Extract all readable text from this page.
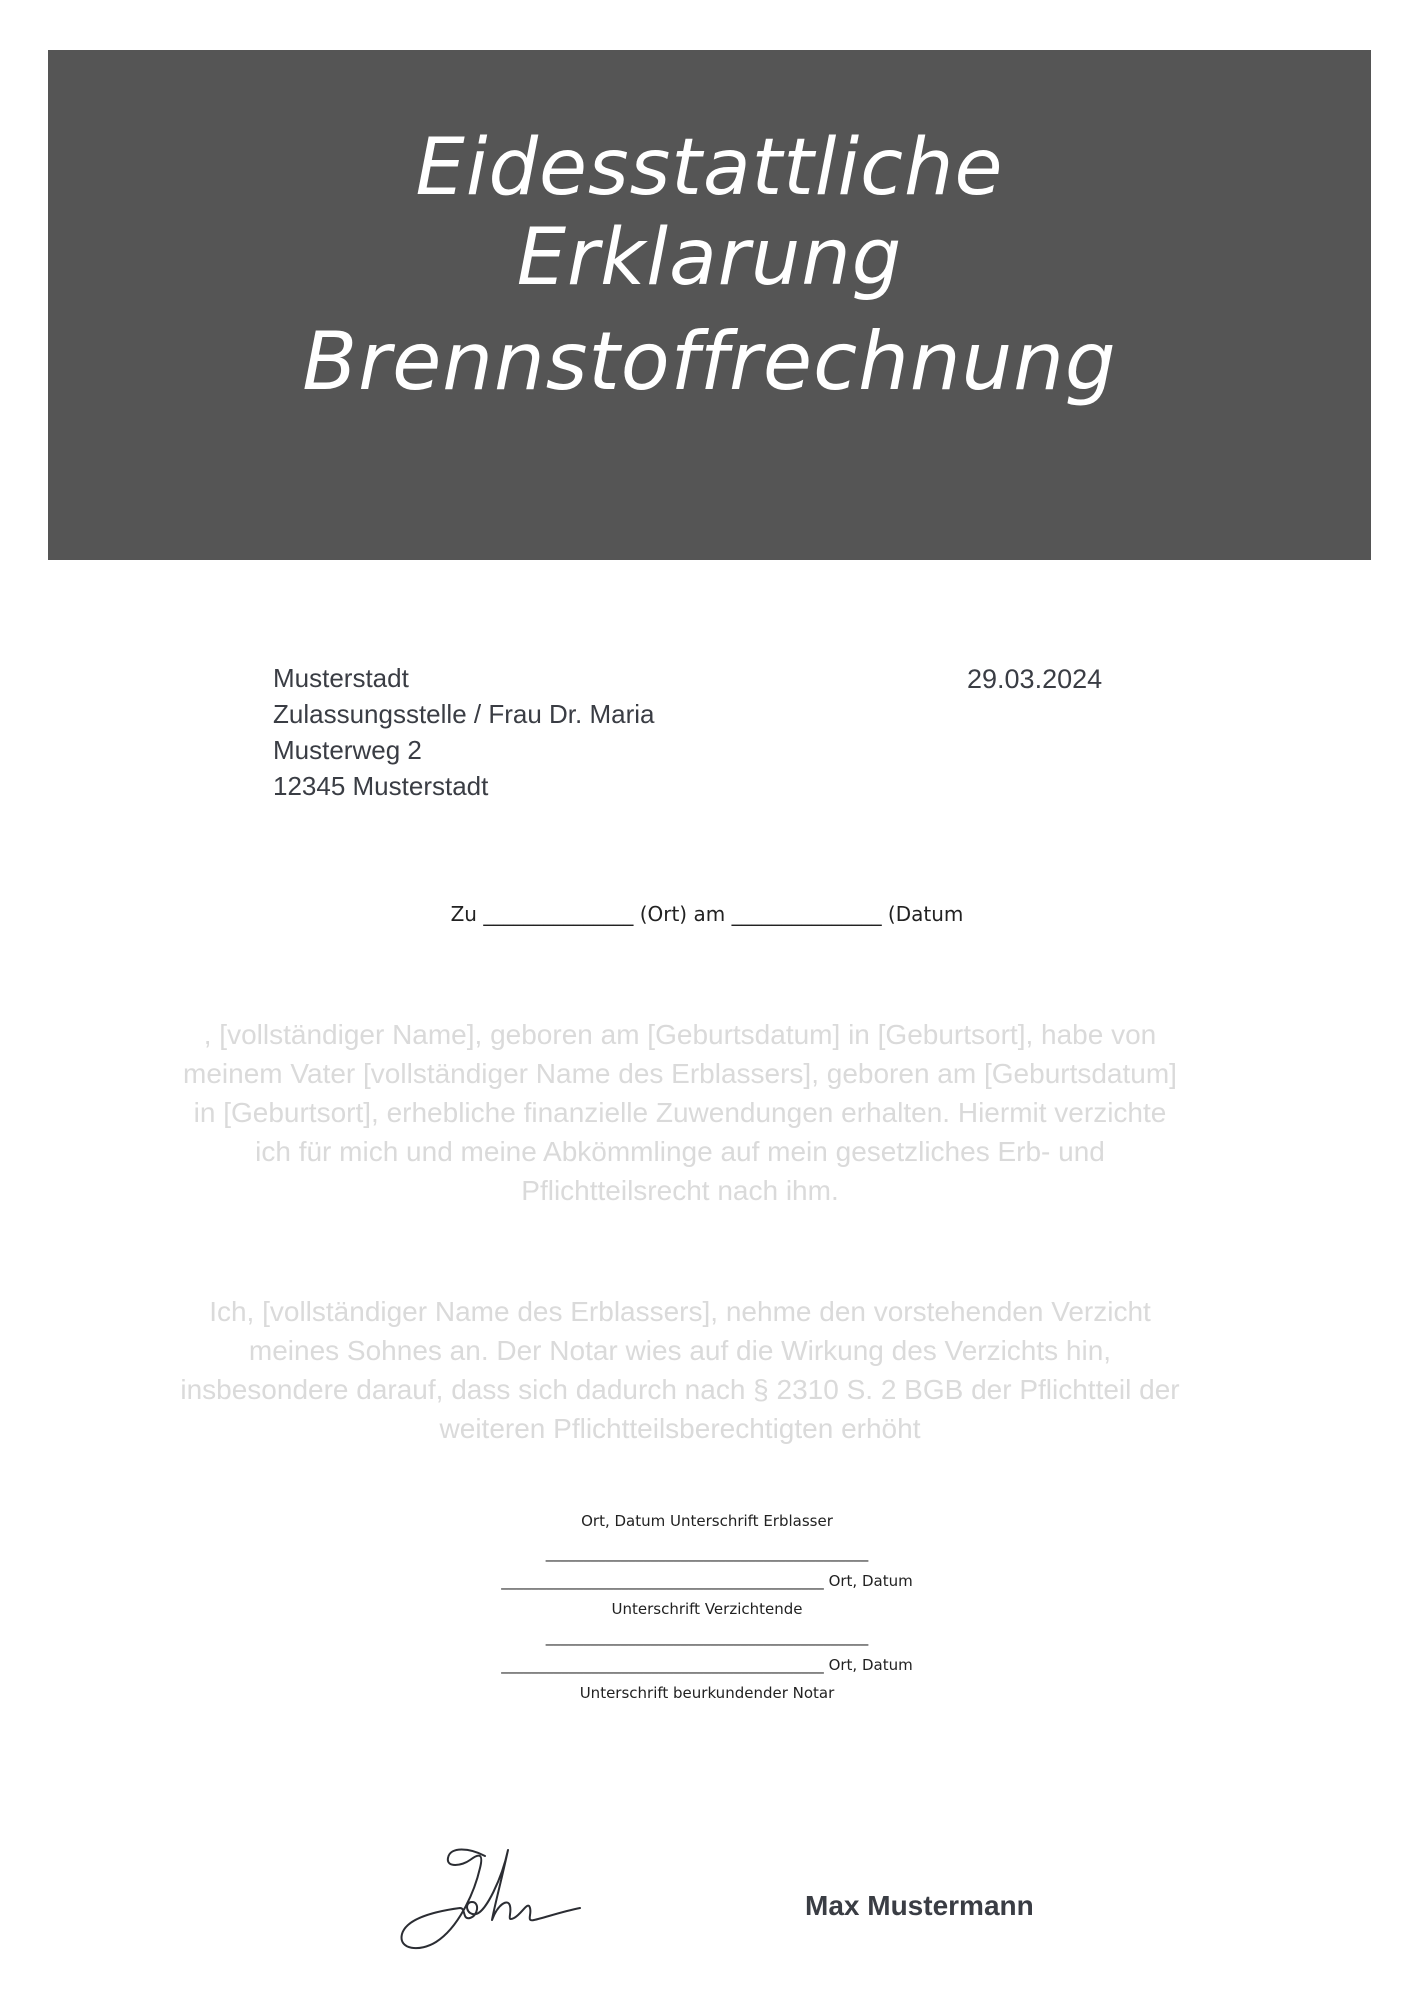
Eidesstattliche
Erklarung
Brennstoffrechnung
Musterstadt
Zulassungsstelle / Frau Dr. Maria
Musterweg 2
12345 Musterstadt
29.03.2024
Zu _______________ (Ort) am _______________ (Datum
, [vollständiger Name], geboren am [Geburtsdatum] in [Geburtsort], habe von meinem Vater [vollständiger Name des Erblassers], geboren am [Geburtsdatum] in [Geburtsort], erhebliche finanzielle Zuwendungen erhalten. Hiermit verzichte ich für mich und meine Abkömmlinge auf mein gesetzliches Erb- und Pflichtteilsrecht nach ihm.
Ich, [vollständiger Name des Erblassers], nehme den vorstehenden Verzicht meines Sohnes an. Der Notar wies auf die Wirkung des Verzichts hin, insbesondere darauf, dass sich dadurch nach § 2310 S. 2 BGB der Pflichtteil der weiteren Pflichtteilsberechtigten erhöht
Ort, Datum Unterschrift Erblasser
___________________________________________
___________________________________________ Ort, Datum
Unterschrift Verzichtende
___________________________________________
___________________________________________ Ort, Datum
Unterschrift beurkundender Notar
Max Mustermann
